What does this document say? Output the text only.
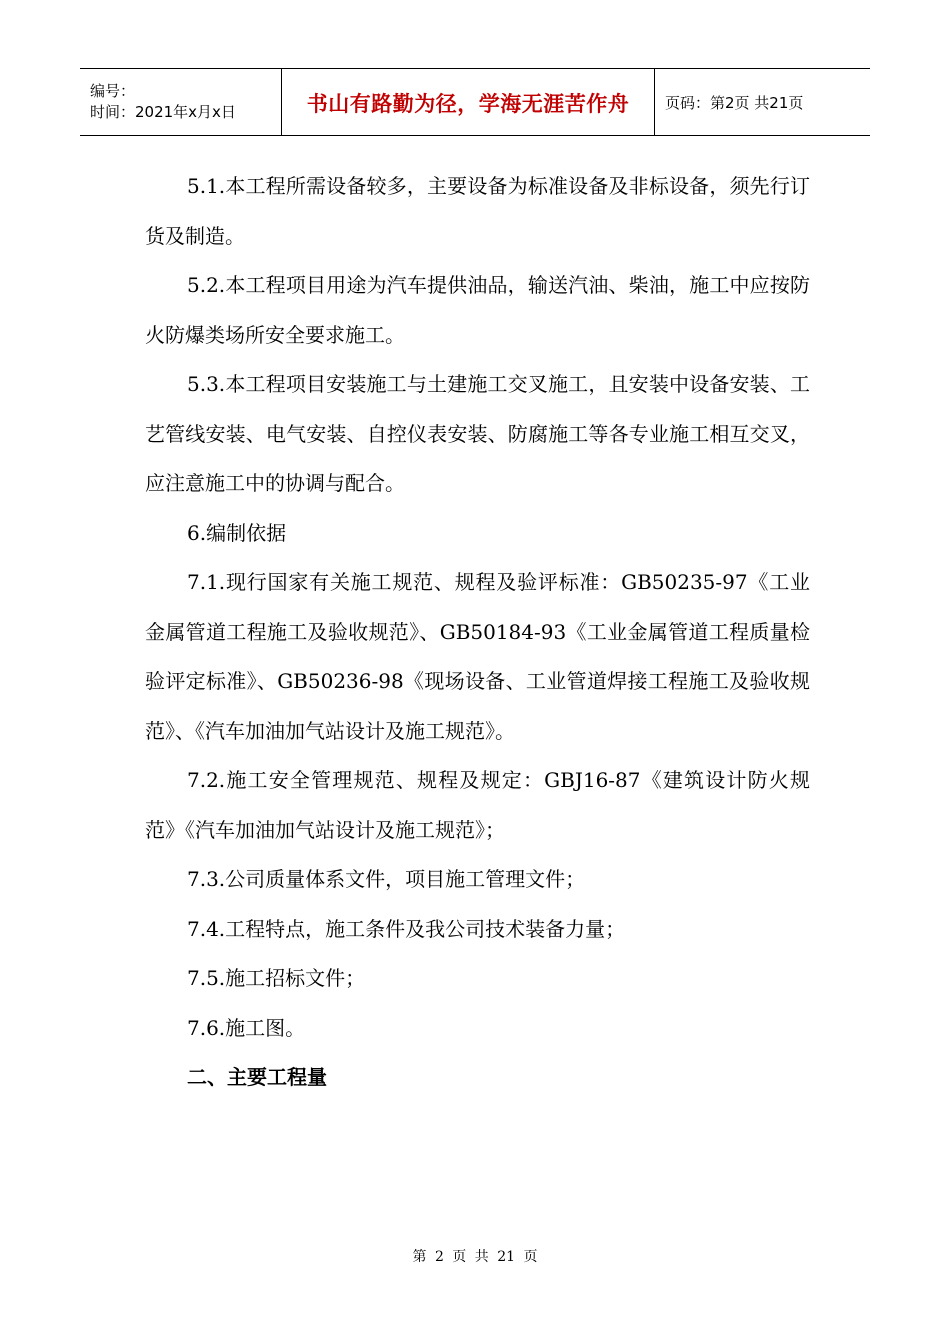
编号：
时间：2021年x月x日	书山有路勤为径，学海无涯苦作舟 页码：第2页 共21页

5.1.本工程所需设备较多，主要设备为标准设备及非标设备，须先行订货及制造。

5.2.本工程项目用途为汽车提供油品，输送汽油、柴油，施工中应按防火防爆类场所安全要求施工。

5.3.本工程项目安装施工与土建施工交叉施工，且安装中设备安装、工艺管线安装、电气安装、自控仪表安装、防腐施工等各专业施工相互交叉，应注意施工中的协调与配合。

6.编制依据

7.1.现行国家有关施工规范、规程及验评标准：GB50235-97《工业金属管道工程施工及验收规范》、GB50184-93《工业金属管道工程质量检验评定标准》、GB50236-98《现场设备、工业管道焊接工程施工及验收规范》、《汽车加油加气站设计及施工规范》。

7.2.施工安全管理规范、规程及规定：GBJ16-87《建筑设计防火规范》《汽车加油加气站设计及施工规范》；

7.3.公司质量体系文件，项目施工管理文件；

7.4.工程特点，施工条件及我公司技术装备力量；

7.5.施工招标文件；

7.6.施工图。

二、主要工程量

第 2 页 共 21 页
